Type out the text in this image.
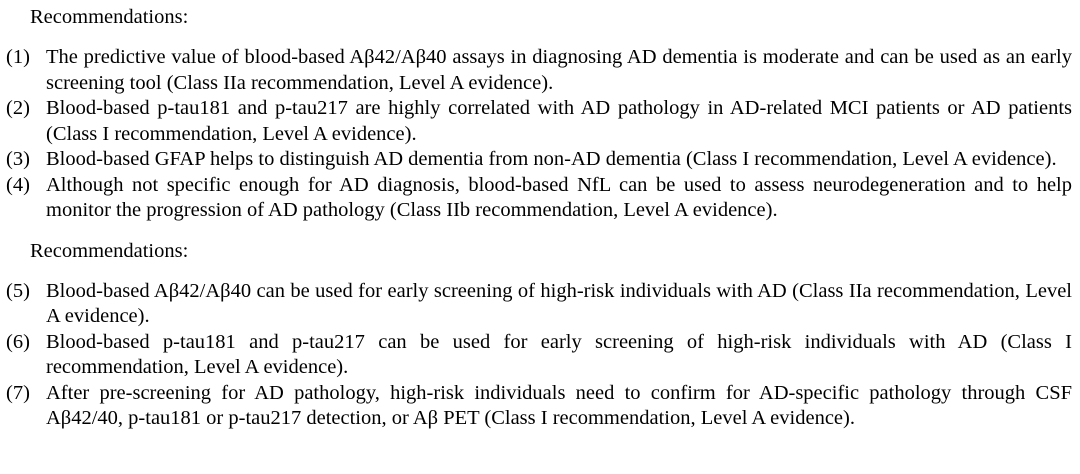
Recommendations:
(1) The predictive value of blood-based Aβ42/Aβ40 assays in diagnosing AD dementia is moderate and can be used as an early screening tool (Class IIa recommendation, Level A evidence).
(2) Blood-based p-tau181 and p-tau217 are highly correlated with AD pathology in AD-related MCI patients or AD patients (Class I recommendation, Level A evidence).
(3) Blood-based GFAP helps to distinguish AD dementia from non-AD dementia (Class I recommendation, Level A evidence).
(4) Although not specific enough for AD diagnosis, blood-based NfL can be used to assess neurodegeneration and to help monitor the progression of AD pathology (Class IIb recommendation, Level A evidence).
Recommendations:
(5) Blood-based Aβ42/Aβ40 can be used for early screening of high-risk individuals with AD (Class IIa recommendation, Level A evidence).
(6) Blood-based p-tau181 and p-tau217 can be used for early screening of high-risk individuals with AD (Class I recommendation, Level A evidence).
(7) After pre-screening for AD pathology, high-risk individuals need to confirm for AD-specific pathology through CSF Aβ42/40, p-tau181 or p-tau217 detection, or Aβ PET (Class I recommendation, Level A evidence).
